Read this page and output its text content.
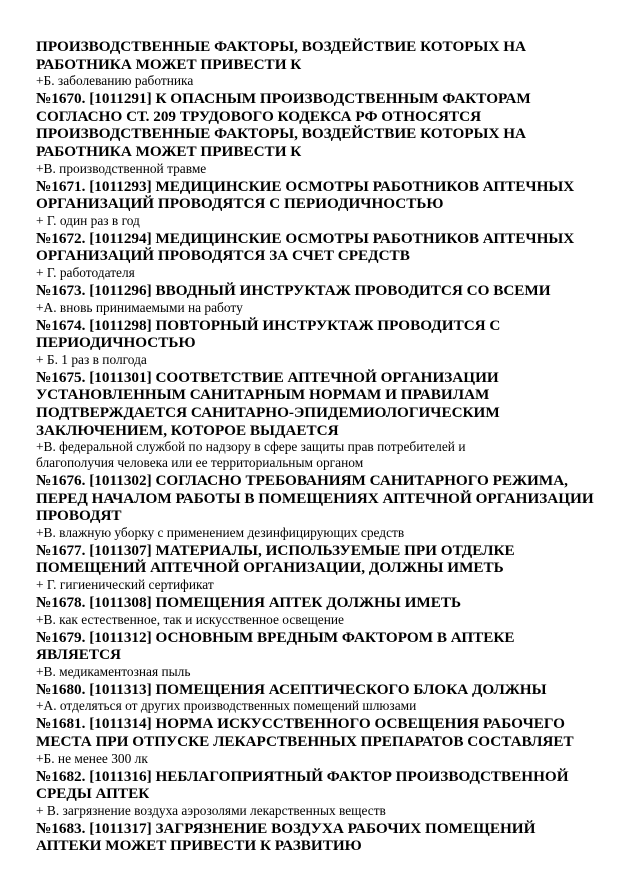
ПРОИЗВОДСТВЕННЫЕ ФАКТОРЫ, ВОЗДЕЙСТВИЕ КОТОРЫХ НА
РАБОТНИКА МОЖЕТ ПРИВЕСТИ К

+Б. заболеванию работника

№1670. [1011291] К ОПАСНЫМ ПРОИЗВОДСТВЕННЫМ ФАКТОРАМ
СОГЛАСНО СТ. 209 ТРУДОВОГО КОДЕКСА РФ ОТНОСЯТСЯ
ПРОИЗВОДСТВЕННЫЕ ФАКТОРЫ, ВОЗДЕЙСТВИЕ КОТОРЫХ НА
РАБОТНИКА МОЖЕТ ПРИВЕСТИ К

+В. производственной травме

№1671. [1011293] МЕДИЦИНСКИЕ ОСМОТРЫ РАБОТНИКОВ АПТЕЧНЫХ
ОРГАНИЗАЦИЙ ПРОВОДЯТСЯ С ПЕРИОДИЧНОСТЬЮ

+ Г. один раз в год

№1672. [1011294] МЕДИЦИНСКИЕ ОСМОТРЫ РАБОТНИКОВ АПТЕЧНЫХ
ОРГАНИЗАЦИЙ ПРОВОДЯТСЯ ЗА СЧЕТ СРЕДСТВ

+ Г. работодателя

№1673. [1011296] ВВОДНЫЙ ИНСТРУКТАЖ ПРОВОДИТСЯ СО ВСЕМИ

+А. вновь принимаемыми на работу

№1674. [1011298] ПОВТОРНЫЙ ИНСТРУКТАЖ ПРОВОДИТСЯ С
ПЕРИОДИЧНОСТЬЮ

+ Б. 1 раз в полгода

№1675. [1011301] СООТВЕТСТВИЕ АПТЕЧНОЙ ОРГАНИЗАЦИИ
УСТАНОВЛЕННЫМ САНИТАРНЫМ НОРМАМ И ПРАВИЛАМ
ПОДТВЕРЖДАЕТСЯ САНИТАРНО-ЭПИДЕМИОЛОГИЧЕСКИМ
ЗАКЛЮЧЕНИЕМ, КОТОРОЕ ВЫДАЕТСЯ

+В. федеральной службой по надзору в сфере защиты прав потребителей и
благополучия человека или ее территориальным органом

№1676. [1011302] СОГЛАСНО ТРЕБОВАНИЯМ САНИТАРНОГО РЕЖИМА,
ПЕРЕД НАЧАЛОМ РАБОТЫ В ПОМЕЩЕНИЯХ АПТЕЧНОЙ ОРГАНИЗАЦИИ
ПРОВОДЯТ

+В. влажную уборку с применением дезинфицирующих средств

№1677. [1011307] МАТЕРИАЛЫ, ИСПОЛЬЗУЕМЫЕ ПРИ ОТДЕЛКЕ
ПОМЕЩЕНИЙ АПТЕЧНОЙ ОРГАНИЗАЦИИ, ДОЛЖНЫ ИМЕТЬ

+ Г. гигиенический сертификат

№1678. [1011308] ПОМЕЩЕНИЯ АПТЕК ДОЛЖНЫ ИМЕТЬ

+В. как естественное, так и искусственное освещение

№1679. [1011312] ОСНОВНЫМ ВРЕДНЫМ ФАКТОРОМ В АПТЕКЕ
ЯВЛЯЕТСЯ

+В. медикаментозная пыль

№1680. [1011313] ПОМЕЩЕНИЯ АСЕПТИЧЕСКОГО БЛОКА ДОЛЖНЫ

+А. отделяться от других производственных помещений шлюзами

№1681. [1011314] НОРМА ИСКУССТВЕННОГО ОСВЕЩЕНИЯ РАБОЧЕГО
МЕСТА ПРИ ОТПУСКЕ ЛЕКАРСТВЕННЫХ ПРЕПАРАТОВ СОСТАВЛЯЕТ

+Б. не менее 300 лк

№1682. [1011316] НЕБЛАГОПРИЯТНЫЙ ФАКТОР ПРОИЗВОДСТВЕННОЙ
СРЕДЫ АПТЕК

+ В. загрязнение воздуха аэрозолями лекарственных веществ

№1683. [1011317] ЗАГРЯЗНЕНИЕ ВОЗДУХА РАБОЧИХ ПОМЕЩЕНИЙ
АПТЕКИ МОЖЕТ ПРИВЕСТИ К РАЗВИТИЮ
